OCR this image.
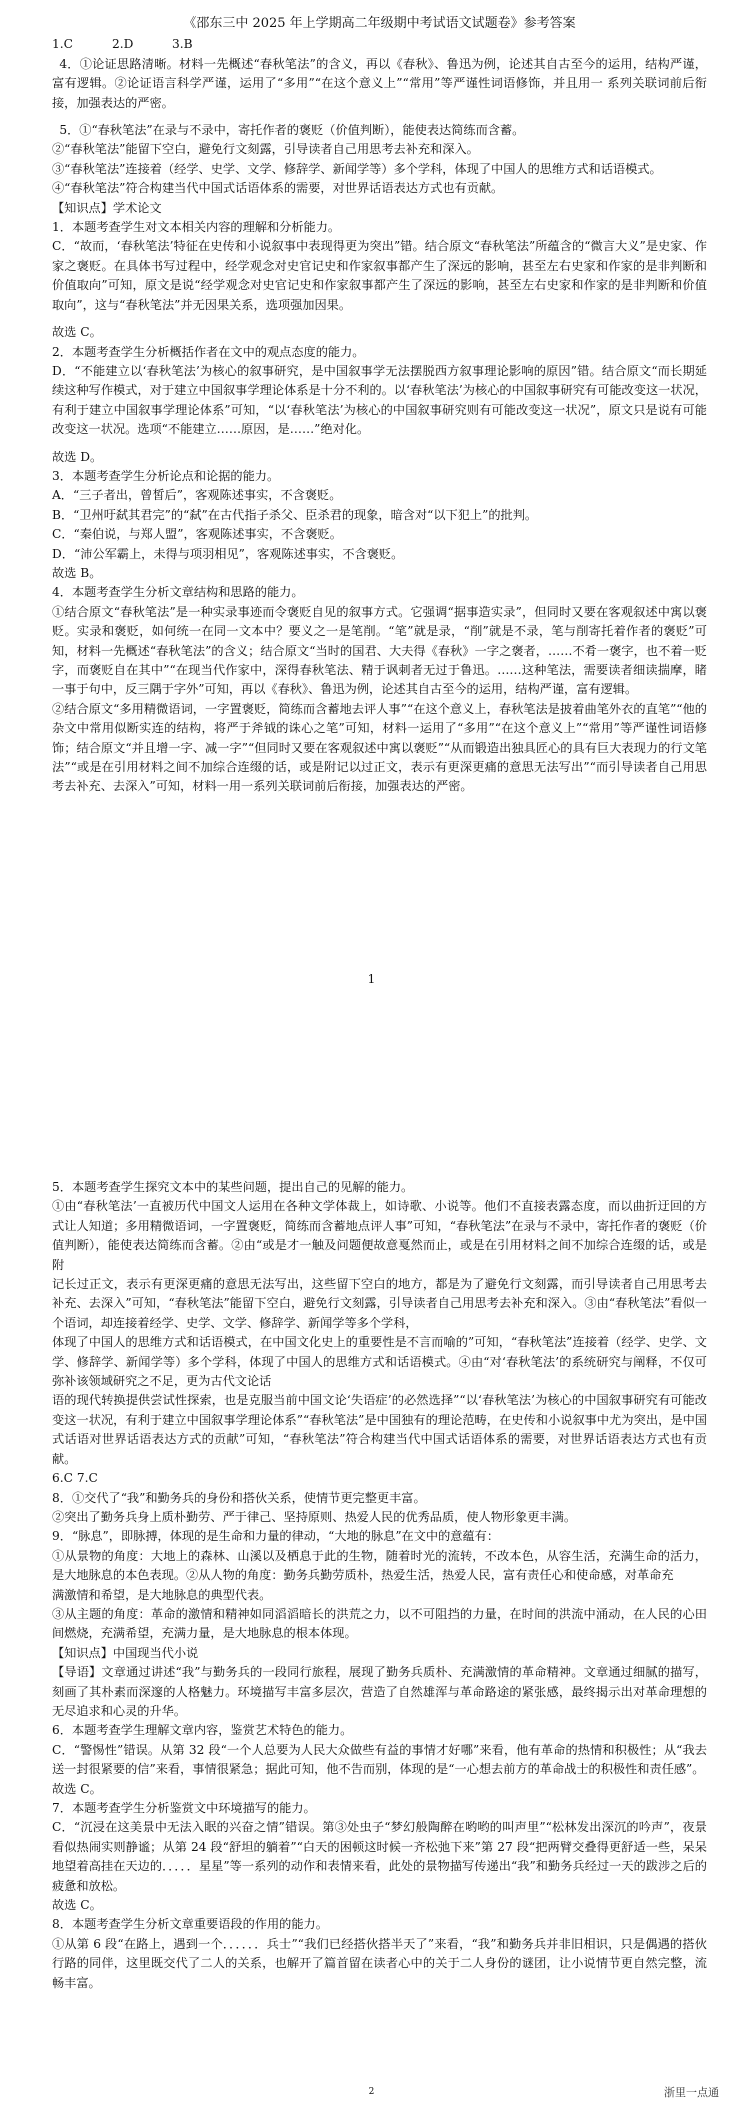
《邵东三中 2025 年上学期高二年级期中考试语文试题卷》参考答案

1.C	2.D	3.B

4．①论证思路清晰。材料一先概述“春秋笔法”的含义，再以《春秋》、鲁迅为例，论述其自古至今的运用，结构严谨，富有逻辑。②论证语言科学严谨，运用了“多用”“在这个意义上”“常用”等严谨性词语修饰，并且用一 系列关联词前后衔接，加强表达的严密。

5．①“春秋笔法”在录与不录中，寄托作者的褒贬（价值判断），能使表达简练而含蓄。

②“春秋笔法”能留下空白，避免行文刻露，引导读者自己用思考去补充和深入。

③“春秋笔法”连接着（经学、史学、文学、修辞学、新闻学等）多个学科，体现了中国人的思维方式和话语模式。

④“春秋笔法”符合构建当代中国式话语体系的需要，对世界话语表达方式也有贡献。

【知识点】学术论文

1．本题考查学生对文本相关内容的理解和分析能力。

C．“故而，‘春秋笔法’特征在史传和小说叙事中表现得更为突出”错。结合原文“春秋笔法”所蕴含的“微言大义”是史家、作家之褒贬。在具体书写过程中，经学观念对史官记史和作家叙事都产生了深远的影响，甚至左右史家和作家的是非判断和价值取向”可知，原文是说“经学观念对史官记史和作家叙事都产生了深远的影响，甚至左右史家和作家的是非判断和价值取向”，这与“春秋笔法”并无因果关系，选项强加因果。

故选 C。

2．本题考查学生分析概括作者在文中的观点态度的能力。

D．“不能建立以‘春秋笔法’为核心的叙事研究，是中国叙事学无法摆脱西方叙事理论影响的原因”错。结合原文“而长期延续这种写作模式，对于建立中国叙事学理论体系是十分不利的。以‘春秋笔法’为核心的中国叙事研究有可能改变这一状况，有利于建立中国叙事学理论体系”可知，“以‘春秋笔法’为核心的中国叙事研究则有可能改变这一状况”，原文只是说有可能改变这一状况。选项“不能建立……原因，是……”绝对化。

故选 D。

3．本题考查学生分析论点和论据的能力。

A．“三子者出，曾皙后”，客观陈述事实，不含褒贬。

B．“卫州吁弑其君完”的“弑”在古代指子杀父、臣杀君的现象，暗含对“以下犯上”的批判。

C．“秦伯说，与郑人盟”，客观陈述事实，不含褒贬。

D．“沛公军霸上，未得与项羽相见”，客观陈述事实，不含褒贬。

故选 B。

4．本题考查学生分析文章结构和思路的能力。

①结合原文“春秋笔法”是一种实录事迹而令褒贬自见的叙事方式。它强调“据事造实录”，但同时又要在客观叙述中寓以褒贬。实录和褒贬，如何统一在同一文本中？要义之一是笔削。“笔”就是录，“削”就是不录，笔与削寄托着作者的褒贬”可知，材料一先概述“春秋笔法”的含义；结合原文“当时的国君、大夫得《春秋》一字之褒者，……不肴一褒字，也不着一贬字，而褒贬自在其中”“在现当代作家中，深得春秋笔法、精于讽刺者无过于鲁迅。……这种笔法，需要读者细读揣摩，睹一事于句中，反三隅于字外”可知，再以《春秋》、鲁迅为例，论述其自古至今的运用，结构严谨，富有逻辑。

②结合原文“多用精微语词，一字置褒贬，简练而含蓄地去评人事”“在这个意义上，春秋笔法是披着曲笔外衣的直笔”“他的杂文中常用似断实连的结构，将严于斧钺的诛心之笔”可知，材料一运用了“多用”“在这个意义上”“常用”等严谨性词语修饰；结合原文“并且增一字、减一字”“但同时又要在客观叙述中寓以褒贬”“从而锻造出独具匠心的具有巨大表现力的行文笔法”“或是在引用材料之间不加综合连缀的话，或是附记以过正文，表示有更深更痛的意思无法写出”“而引导读者自己用思考去补充、去深入”可知，材料一用一系列关联词前后衔接，加强表达的严密。

1

5．本题考查学生探究文本中的某些问题，提出自己的见解的能力。

①由“春秋笔法’一直被历代中国文人运用在各种文学体裁上，如诗歌、小说等。他们不直接表露态度，而以曲折迂回的方式让人知道；多用精微语词，一字置褒贬，简练而含蓄地点评人事”可知，“春秋笔法”在录与不录中，寄托作者的褒贬（价值判断），能使表达简练而含蓄。②由“或是才一触及问题便故意戛然而止，或是在引用材料之间不加综合连缀的话，或是附

记长过正文，表示有更深更痛的意思无法写出，这些留下空白的地方，都是为了避免行文刻露，而引导读者自己用思考去补充、去深入”可知，“春秋笔法”能留下空白，避免行文刻露，引导读者自己用思考去补充和深入。③由“春秋笔法”看似一个语词，却连接着经学、史学、文学、修辞学、新闻学等多个学科，

体现了中国人的思维方式和话语模式，在中国文化史上的重要性是不言而喻的”可知，“春秋笔法”连接着（经学、史学、文学、修辞学、新闻学等）多个学科，体现了中国人的思维方式和话语模式。④由“对‘春秋笔法’的系统研究与阐释，不仅可弥补该领域研究之不足，更为古代文论话

语的现代转换提供尝试性探索，也是克服当前中国文论‘失语症’的必然选择”“以‘春秋笔法’为核心的中国叙事研究有可能改变这一状况，有利于建立中国叙事学理论体系”“春秋笔法”是中国独有的理论范畴，在史传和小说叙事中尤为突出，是中国式话语对世界话语表达方式的贡献”可知，“春秋笔法”符合构建当代中国式话语体系的需要，对世界话语表达方式也有贡献。

6.C 7.C

8．①交代了“我”和勤务兵的身份和搭伙关系，使情节更完整更丰富。

②突出了勤务兵身上质朴勤劳、严于律己、坚持原则、热爱人民的优秀品质，使人物形象更丰满。

9．“脉息”，即脉搏，体现的是生命和力量的律动，“大地的脉息”在文中的意蕴有：

①从景物的角度：大地上的森林、山溪以及栖息于此的生物，随着时光的流转，不改本色，从容生活，充满生命的活力，是大地脉息的本色表现。②从人物的角度：勤务兵勤劳质朴，热爱生活，热爱人民，富有责任心和使命感，对革命充

满激情和希望，是大地脉息的典型代表。

③从主题的角度：革命的激情和精神如同滔滔暗长的洪荒之力，以不可阻挡的力量，在时间的洪流中涌动，在人民的心田间燃烧，充满希望，充满力量，是大地脉息的根本体现。

【知识点】中国现当代小说

【导语】文章通过讲述“我”与勤务兵的一段同行旅程，展现了勤务兵质朴、充满激情的革命精神。文章通过细腻的描写，刻画了其朴素而深邃的人格魅力。环境描写丰富多层次，营造了自然雄浑与革命路途的紧张感，最终揭示出对革命理想的无尽追求和心灵的升华。

6．本题考查学生理解文章内容，鉴赏艺术特色的能力。

C．“警惕性”错误。从第 32 段“一个人总要为人民大众做些有益的事情才好哪”来看，他有革命的热情和积极性；从“我去送一封很紧要的信”来看，事情很紧急；据此可知，他不告而别，体现的是“一心想去前方的革命战士的积极性和责任感”。

故选 C。

7．本题考查学生分析鉴赏文中环境描写的能力。

C．“沉浸在这美景中无法入眠的兴奋之情”错误。第③处虫子“梦幻般陶醉在哟哟的叫声里”“松林发出深沉的吟声”，夜景看似热闹实则静谧；从第 24 段“舒坦的躺着”“白天的困顿这时候一齐松弛下来”第 27 段“把两臂交叠得更舒适一些，呆呆地望着高挂在天边的．．．．．星星”等一系列的动作和表情来看，此处的景物描写传递出“我”和勤务兵经过一天的跋涉之后的疲惫和放松。

故选 C。

8．本题考查学生分析文章重要语段的作用的能力。

①从第 6 段“在路上，遇到一个．．．．．．兵士”“我们已经搭伙搭半天了”来看，“我”和勤务兵并非旧相识，只是偶遇的搭伙行路的同伴，这里既交代了二人的关系，也解开了篇首留在读者心中的关于二人身份的谜团，让小说情节更自然完整，流畅丰富。

2	浙里一点通
